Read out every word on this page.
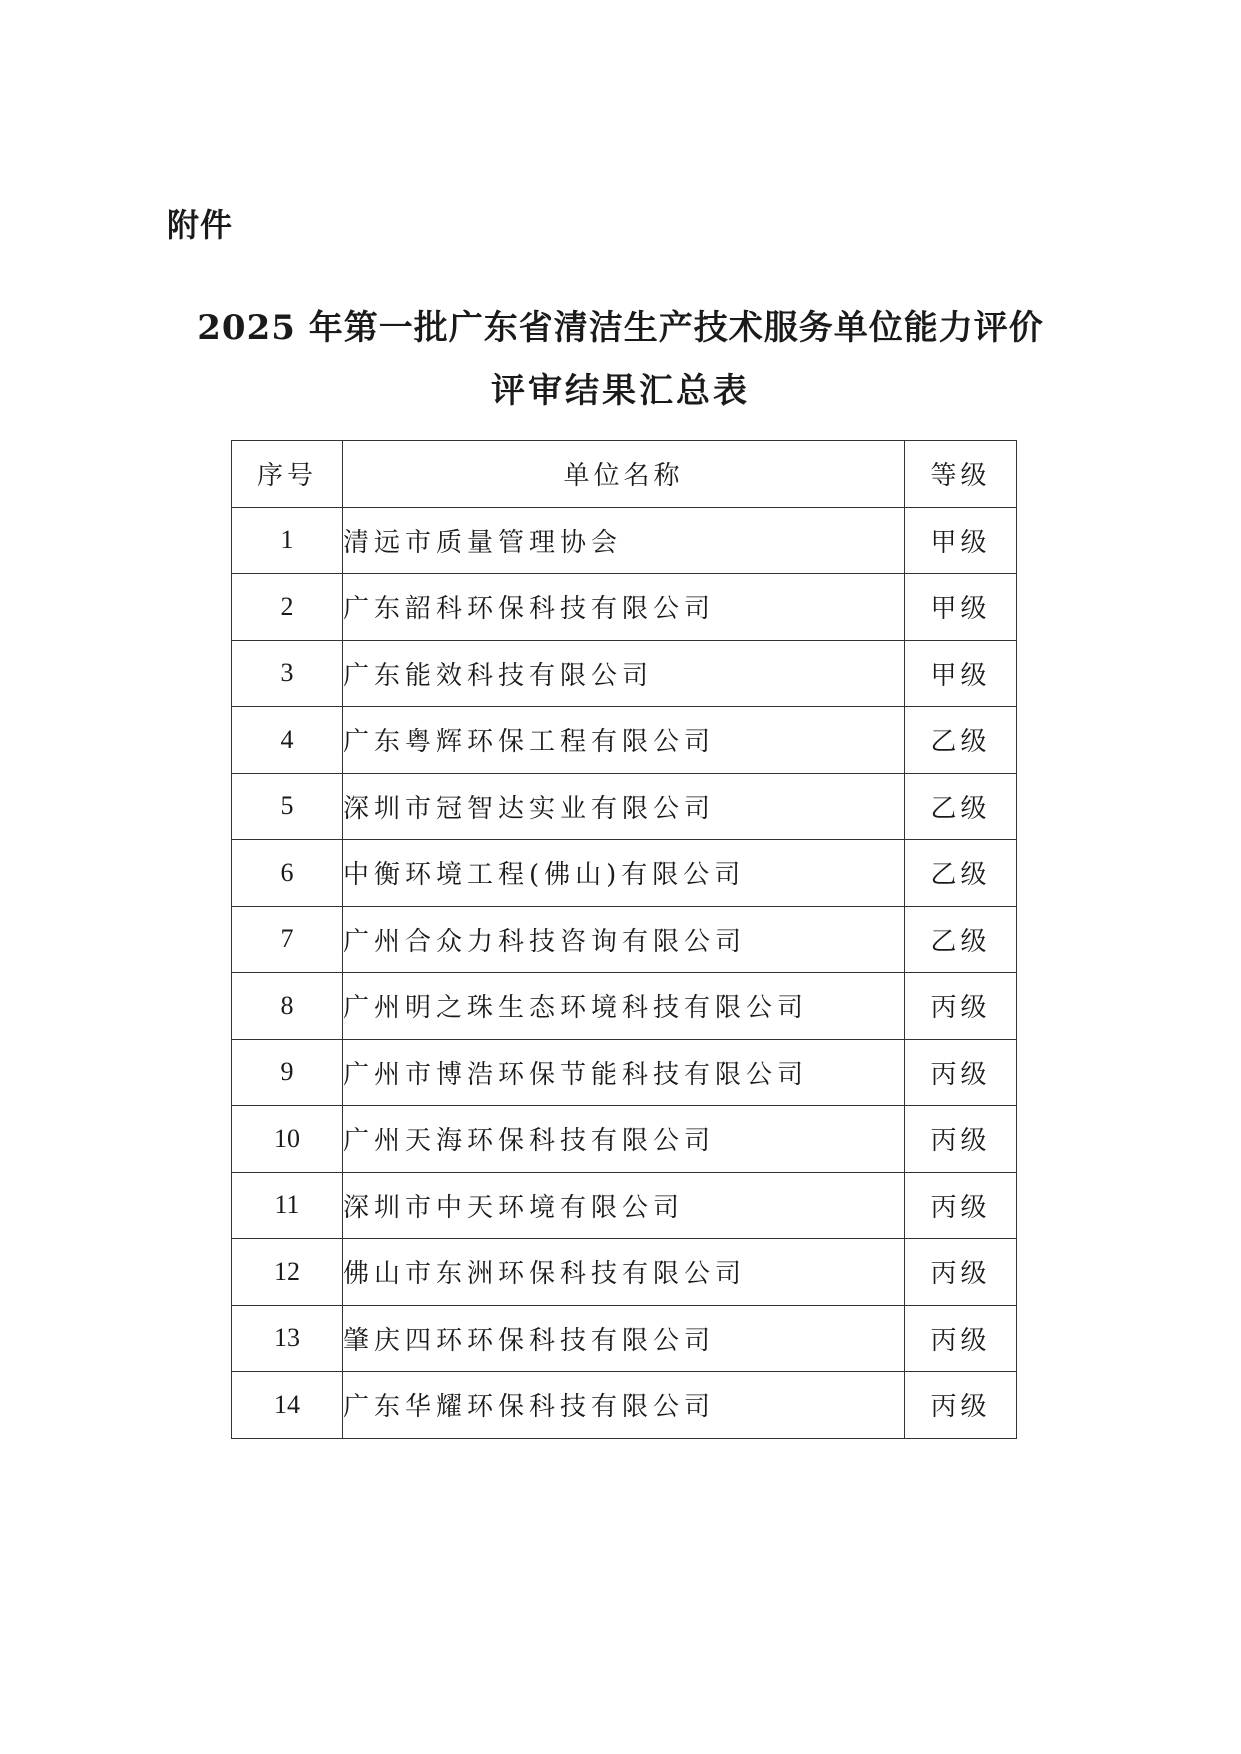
附件
2025 年第一批广东省清洁生产技术服务单位能力评价
评审结果汇总表
序号	单位名称	等级
1	清远市质量管理协会	甲级
2	广东韶科环保科技有限公司	甲级
3	广东能效科技有限公司	甲级
4	广东粤辉环保工程有限公司	乙级
5	深圳市冠智达实业有限公司	乙级
6	中衡环境工程(佛山)有限公司	乙级
7	广州合众力科技咨询有限公司	乙级
8	广州明之珠生态环境科技有限公司	丙级
9	广州市博浩环保节能科技有限公司	丙级
10	广州天海环保科技有限公司	丙级
11	深圳市中天环境有限公司	丙级
12	佛山市东洲环保科技有限公司	丙级
13	肇庆四环环保科技有限公司	丙级
14	广东华耀环保科技有限公司	丙级
